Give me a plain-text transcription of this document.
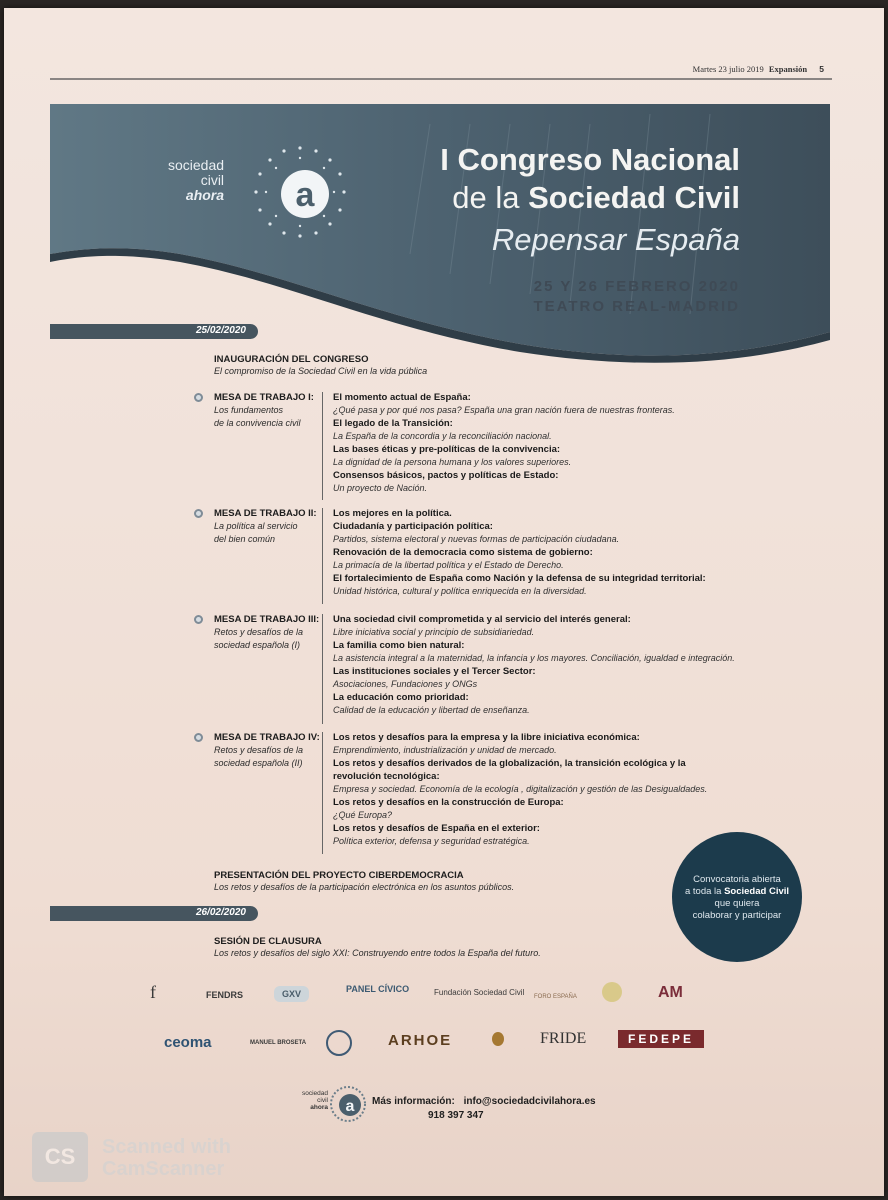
Martes 23 julio 2019 Expansión 5
sociedad
civil
ahora a
I Congreso Nacional
de la Sociedad Civil
Repensar España
25 Y 26 FEBRERO 2020
TEATRO REAL-MADRID
25/02/2020
INAUGURACIÓN DEL CONGRESO
El compromiso de la Sociedad Civil en la vida pública
MESA DE TRABAJO I:
Los fundamentos
de la convivencia civil
El momento actual de España:
¿Qué pasa y por qué nos pasa? España una gran nación fuera de nuestras fronteras.
El legado de la Transición:
La España de la concordia y la reconciliación nacional.
Las bases éticas y pre-políticas de la convivencia:
La dignidad de la persona humana y los valores superiores.
Consensos básicos, pactos y políticas de Estado:
Un proyecto de Nación.
MESA DE TRABAJO II:
La política al servicio
del bien común
Los mejores en la política.
Ciudadanía y participación política:
Partidos, sistema electoral y nuevas formas de participación ciudadana.
Renovación de la democracia como sistema de gobierno:
La primacía de la libertad política y el Estado de Derecho.
El fortalecimiento de España como Nación y la defensa de su integridad territorial:
Unidad histórica, cultural y política enriquecida en la diversidad.
MESA DE TRABAJO III:
Retos y desafíos de la
sociedad española (I)
Una sociedad civil comprometida y al servicio del interés general:
Libre iniciativa social y principio de subsidiariedad.
La familia como bien natural:
La asistencia integral a la maternidad, la infancia y los mayores. Conciliación, igualdad e integración.
Las instituciones sociales y el Tercer Sector:
Asociaciones, Fundaciones y ONGs
La educación como prioridad:
Calidad de la educación y libertad de enseñanza.
MESA DE TRABAJO IV:
Retos y desafíos de la
sociedad española (II)
Los retos y desafíos para la empresa y la libre iniciativa económica:
Emprendimiento, industrialización y unidad de mercado.
Los retos y desafíos derivados de la globalización, la transición ecológica y la
revolución tecnológica:
Empresa y sociedad. Economía de la ecología , digitalización y gestión de las Desigualdades.
Los retos y desafíos en la construcción de Europa:
¿Qué Europa?
Los retos y desafíos de España en el exterior:
Política exterior, defensa y seguridad estratégica.
PRESENTACIÓN DEL PROYECTO CIBERDEMOCRACIA
Los retos y desafíos de la participación electrónica en los asuntos públicos.
Convocatoria abierta
a toda la Sociedad Civil
que quiera
colaborar y participar
26/02/2020
SESIÓN DE CLAUSURA
Los retos y desafíos del siglo XXI: Construyendo entre todos la España del futuro.
f	FENDRS	GXV	PANEL CÍVICO	Fundación Sociedad Civil FORO ESPAÑA	AM
ceoma	MANUEL BROSETA	ARHOE	FRIDE	FEDEPE
sociedad
civil
ahora a Más información: info@sociedadcivilahora.es
918 397 347
CS	Scanned with
CamScanner
